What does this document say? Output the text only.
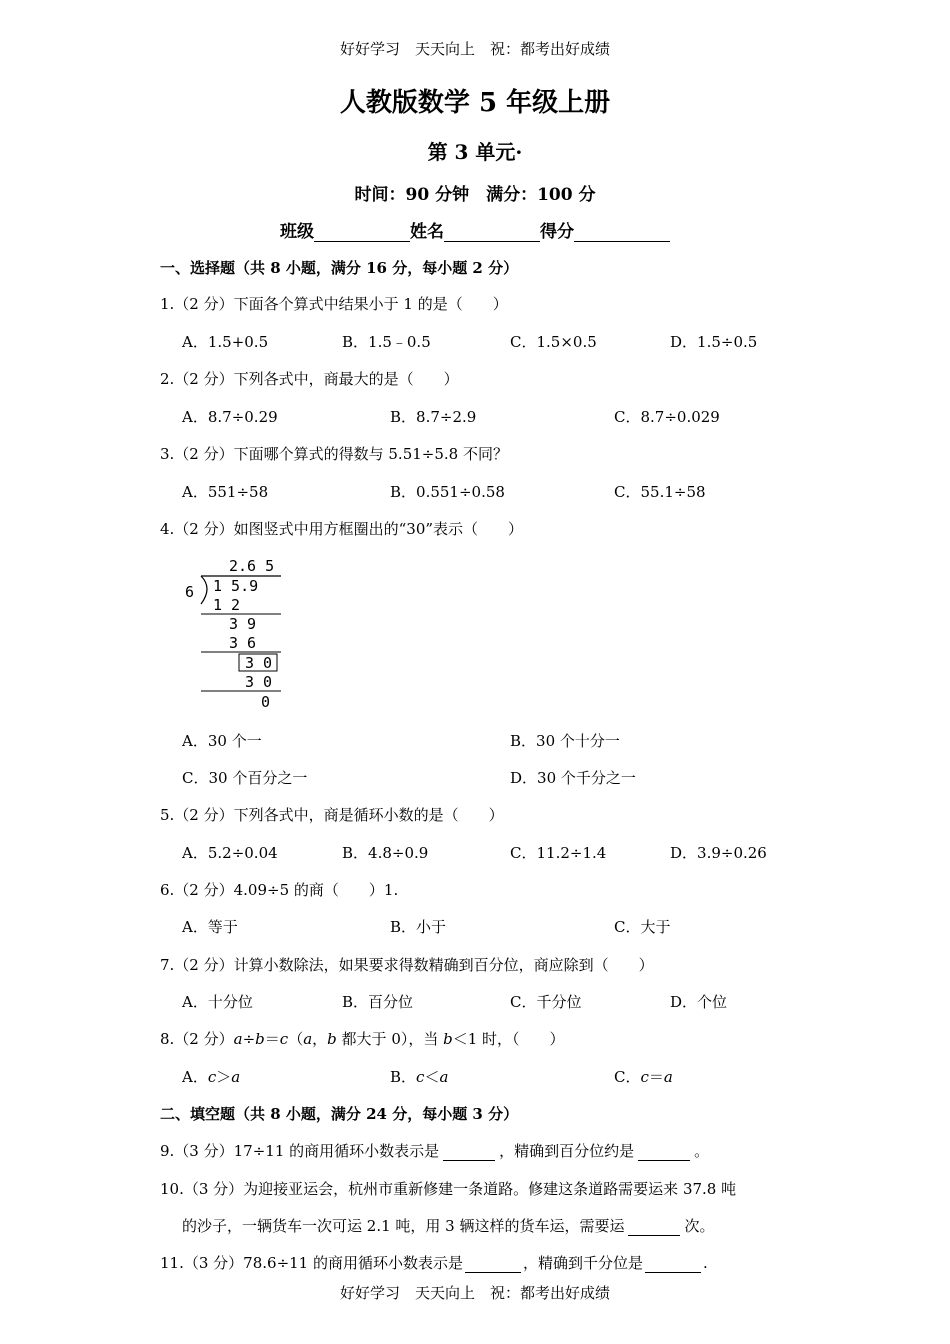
好好学习　天天向上　祝：都考出好成绩
人教版数学 5 年级上册
第 3 单元·
时间：90 分钟　满分：100 分
班级	姓名	得分
一、选择题（共 8 小题，满分 16 分，每小题 2 分）
1.（2 分）下面各个算式中结果小于 1 的是（　　）
A．1.5+0.5	B．1.5﹣0.5	C．1.5×0.5	D．1.5÷0.5
2.（2 分）下列各式中，商最大的是（　　）
A．8.7÷0.29	B．8.7÷2.9	C．8.7÷0.029
3.（2 分）下面哪个算式的得数与 5.51÷5.8 不同？
A．551÷58	B．0.551÷0.58	C．55.1÷58
4.（2 分）如图竖式中用方框圈出的“30”表示（　　）
2.6 5
6 1 5.9
1 2
3 9
3 6
3 0
3 0
0
A．30 个一	B．30 个十分一
C．30 个百分之一	D．30 个千分之一
5.（2 分）下列各式中，商是循环小数的是（　　）
A．5.2÷0.04	B．4.8÷0.9	C．11.2÷1.4	D．3.9÷0.26
6.（2 分）4.09÷5 的商（　　）1.
A．等于	B．小于	C．大于
7.（2 分）计算小数除法，如果要求得数精确到百分位，商应除到（　　）
A．十分位	B．百分位	C．千分位	D．个位
8.（2 分）a÷b＝c（a，b 都大于 0），当 b＜1 时，（　　）
A．c＞a	B．c＜a	C．c＝a
二、填空题（共 8 小题，满分 24 分，每小题 3 分）
9.（3 分）17÷11 的商用循环小数表示是	，精确到百分位约是	。
10.（3 分）为迎接亚运会，杭州市重新修建一条道路。修建这条道路需要运来 37.8 吨
的沙子，一辆货车一次可运 2.1 吨，用 3 辆这样的货车运，需要运	次。
11.（3 分）78.6÷11 的商用循环小数表示是	，精确到千分位是	.
好好学习　天天向上　祝：都考出好成绩
